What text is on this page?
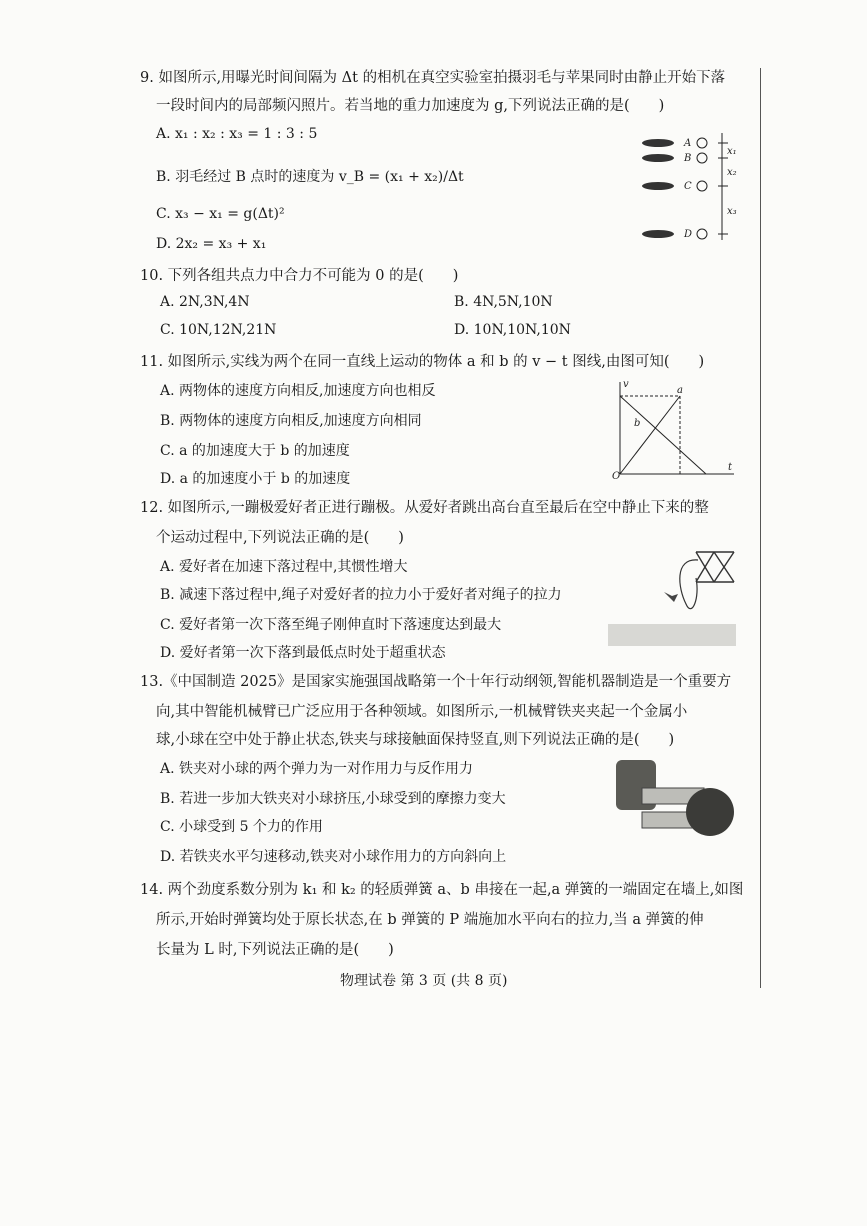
9. 如图所示,用曝光时间间隔为 Δt 的相机在真空实验室拍摄羽毛与苹果同时由静止开始下落
一段时间内的局部频闪照片。若当地的重力加速度为 g,下列说法正确的是(　　)
A. x₁ : x₂ : x₃ = 1 : 3 : 5
B. 羽毛经过 B 点时的速度为 v_B = (x₁ + x₂)/Δt
C. x₃ − x₁ = g(Δt)²
D. 2x₂ = x₃ + x₁
A
B
C
D
x₁
x₂
x₃
10. 下列各组共点力中合力不可能为 0 的是(　　)
A. 2N,3N,4N	B. 4N,5N,10N
C. 10N,12N,21N	D. 10N,10N,10N
11. 如图所示,实线为两个在同一直线上运动的物体 a 和 b 的 v − t 图线,由图可知(　　)
A. 两物体的速度方向相反,加速度方向也相反
B. 两物体的速度方向相反,加速度方向相同
C. a 的加速度大于 b 的加速度
D. a 的加速度小于 b 的加速度
v
a
b
O
t
12. 如图所示,一蹦极爱好者正进行蹦极。从爱好者跳出高台直至最后在空中静止下来的整
个运动过程中,下列说法正确的是(　　)
A. 爱好者在加速下落过程中,其惯性增大
B. 减速下落过程中,绳子对爱好者的拉力小于爱好者对绳子的拉力
C. 爱好者第一次下落至绳子刚伸直时下落速度达到最大
D. 爱好者第一次下落到最低点时处于超重状态
13.《中国制造 2025》是国家实施强国战略第一个十年行动纲领,智能机器制造是一个重要方
向,其中智能机械臂已广泛应用于各种领域。如图所示,一机械臂铁夹夹起一个金属小
球,小球在空中处于静止状态,铁夹与球接触面保持竖直,则下列说法正确的是(　　)
A. 铁夹对小球的两个弹力为一对作用力与反作用力
B. 若进一步加大铁夹对小球挤压,小球受到的摩擦力变大
C. 小球受到 5 个力的作用
D. 若铁夹水平匀速移动,铁夹对小球作用力的方向斜向上
14. 两个劲度系数分别为 k₁ 和 k₂ 的轻质弹簧 a、b 串接在一起,a 弹簧的一端固定在墙上,如图
所示,开始时弹簧均处于原长状态,在 b 弹簧的 P 端施加水平向右的拉力,当 a 弹簧的伸
长量为 L 时,下列说法正确的是(　　)
物理试卷 第 3 页 (共 8 页)
